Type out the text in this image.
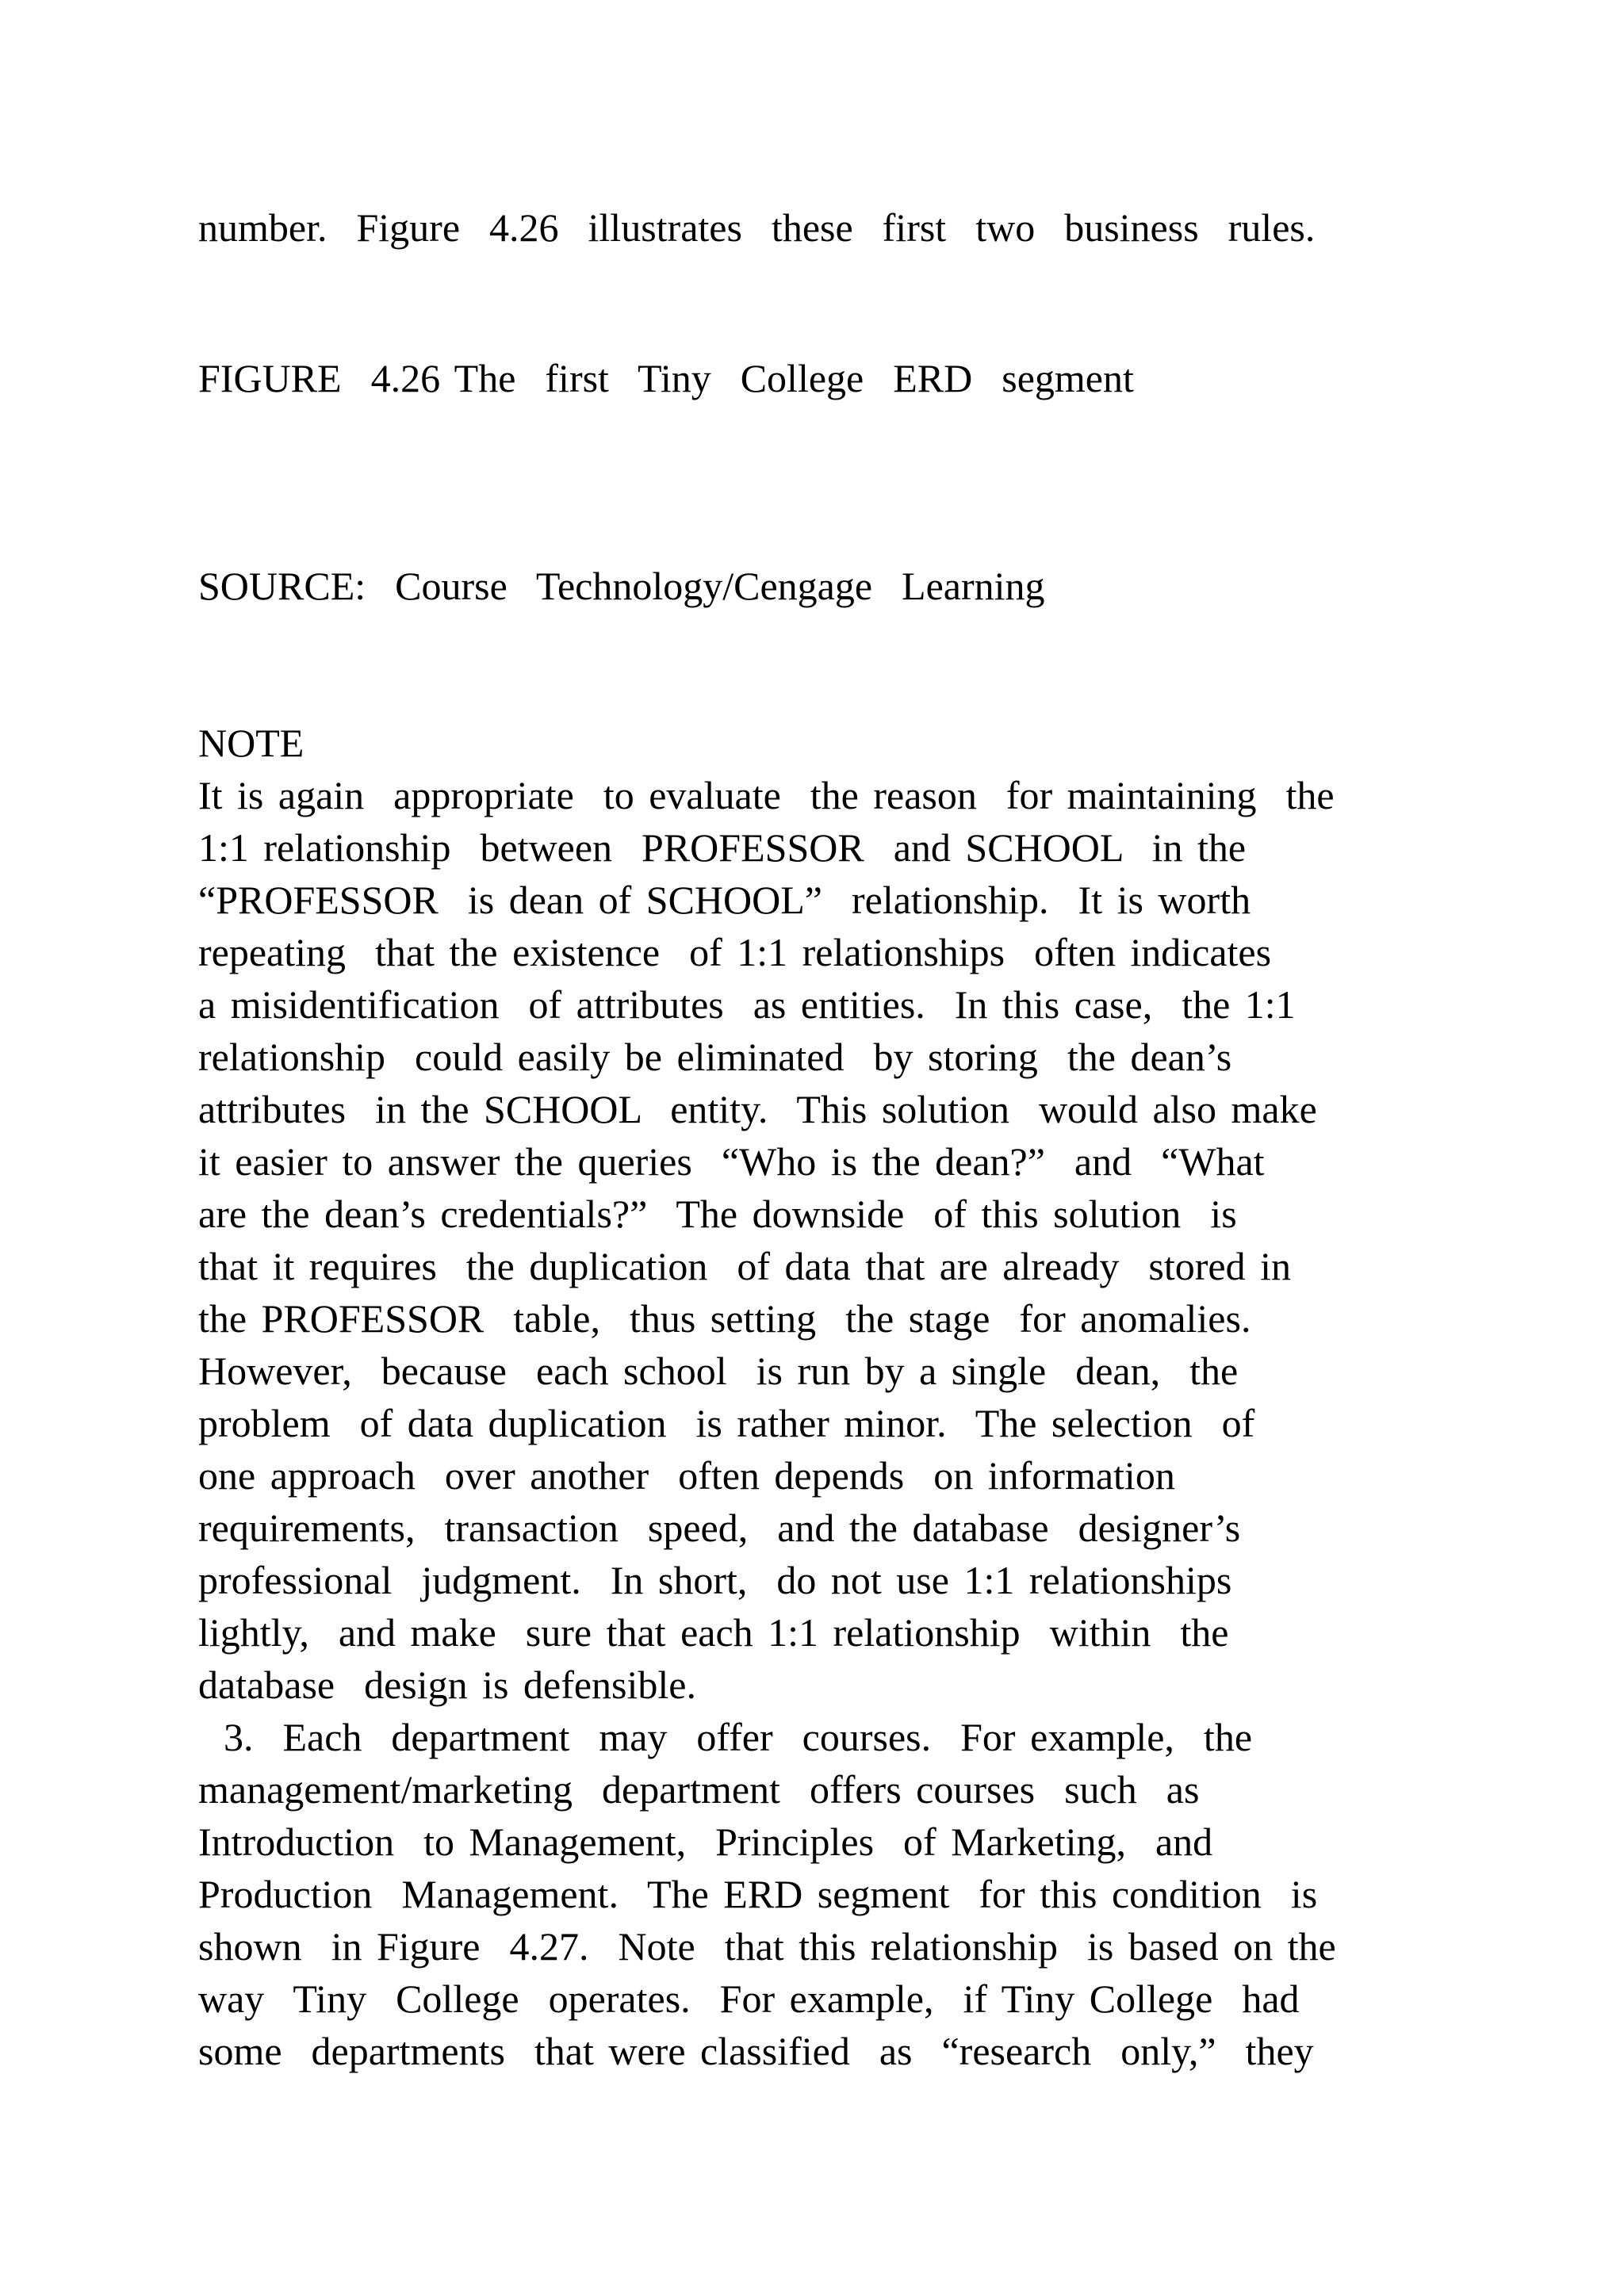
number.  Figure  4.26  illustrates  these  first  two  business  rules.
FIGURE  4.26 The  first  Tiny  College  ERD  segment
SOURCE:  Course  Technology/Cengage  Learning
NOTE
It is again  appropriate  to evaluate  the reason  for maintaining  the
1:1 relationship  between  PROFESSOR  and SCHOOL  in the
“PROFESSOR  is dean of SCHOOL”  relationship.  It is worth
repeating  that the existence  of 1:1 relationships  often indicates
a misidentification  of attributes  as entities.  In this case,  the 1:1
relationship  could easily be eliminated  by storing  the dean’s
attributes  in the SCHOOL  entity.  This solution  would also make
it easier to answer the queries  “Who is the dean?”  and  “What
are the dean’s credentials?”  The downside  of this solution  is
that it requires  the duplication  of data that are already  stored in
the PROFESSOR  table,  thus setting  the stage  for anomalies.
However,  because  each school  is run by a single  dean,  the
problem  of data duplication  is rather minor.  The selection  of
one approach  over another  often depends  on information
requirements,  transaction  speed,  and the database  designer’s
professional  judgment.  In short,  do not use 1:1 relationships
lightly,  and make  sure that each 1:1 relationship  within  the
database  design is defensible.
3.  Each  department  may  offer  courses.  For example,  the
management/marketing  department  offers courses  such  as
Introduction  to Management,  Principles  of Marketing,  and
Production  Management.  The ERD segment  for this condition  is
shown  in Figure  4.27.  Note  that this relationship  is based on the
way  Tiny  College  operates.  For example,  if Tiny College  had
some  departments  that were classified  as  “research  only,”  they
